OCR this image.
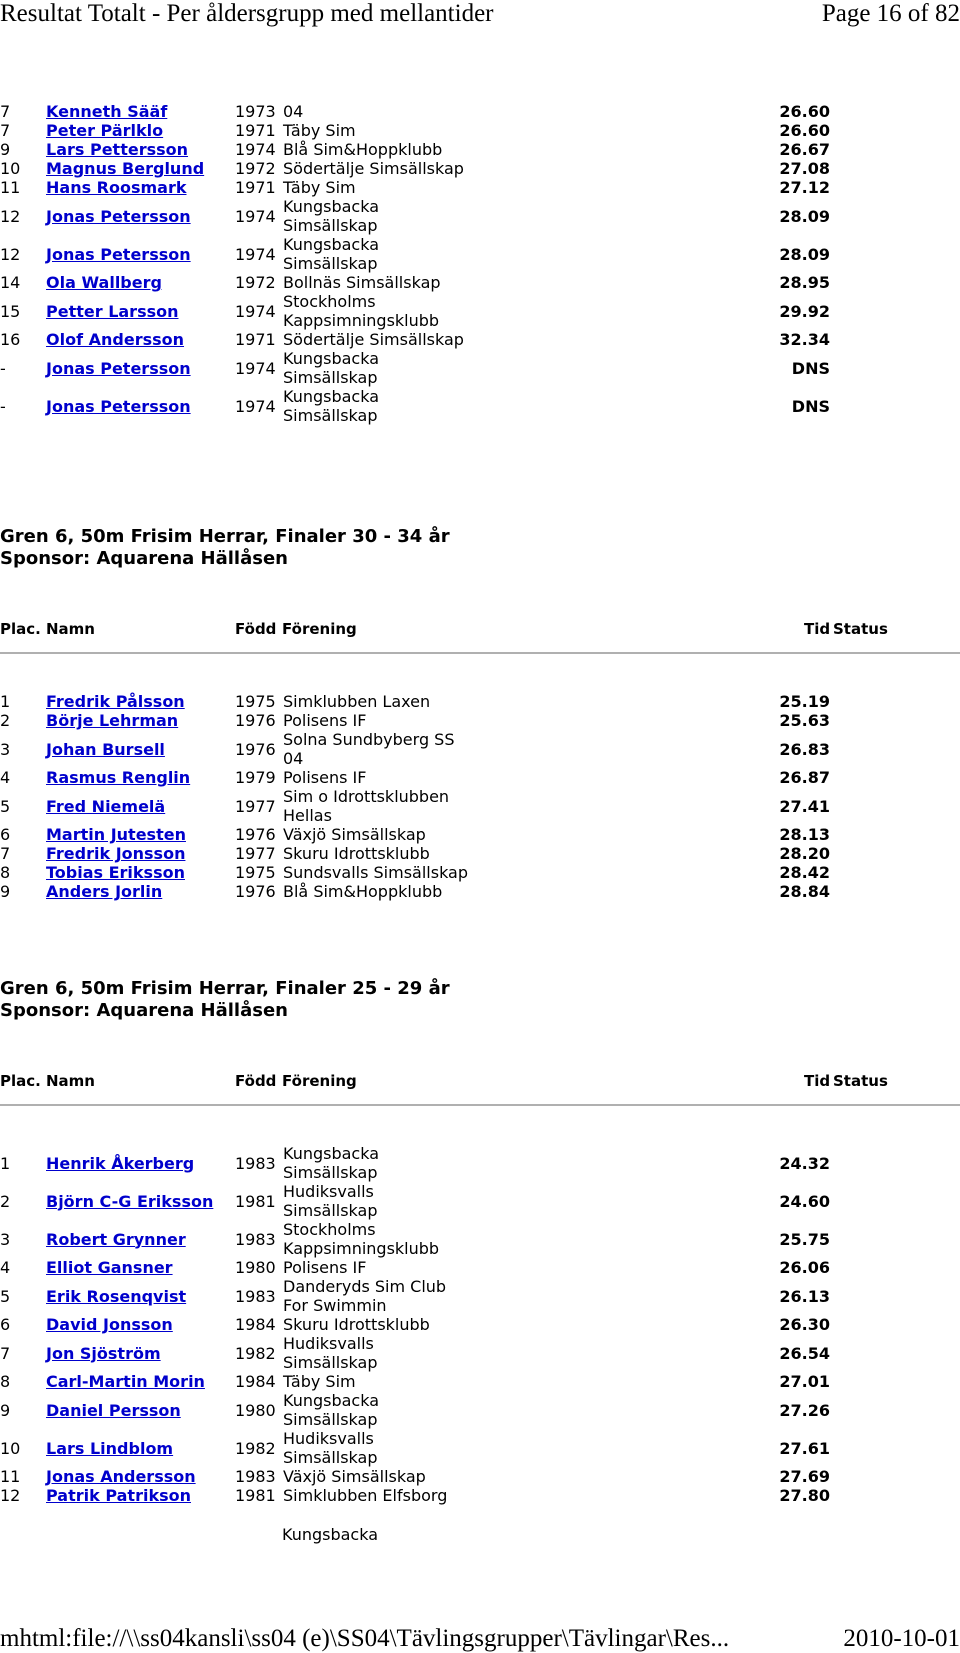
Resultat Totalt - Per åldersgrupp med mellantider	Page 16 of 82
7	Kenneth Sääf	1973	04	26.60	
7	Peter Pärlklo	1971	Täby Sim	26.60	
9	Lars Pettersson	1974	Blå Sim&Hoppklubb	26.67	
10	Magnus Berglund	1972	Södertälje Simsällskap	27.08	
11	Hans Roosmark	1971	Täby Sim	27.12	
12	Jonas Petersson	1974	Kungsbacka Simsällskap	28.09	
12	Jonas Petersson	1974	Kungsbacka Simsällskap	28.09	
14	Ola Wallberg	1972	Bollnäs Simsällskap	28.95	
15	Petter Larsson	1974	Stockholms Kappsimningsklubb	29.92	
16	Olof Andersson	1971	Södertälje Simsällskap	32.34	
-	Jonas Petersson	1974	Kungsbacka Simsällskap	DNS	
-	Jonas Petersson	1974	Kungsbacka Simsällskap	DNS	
Gren 6, 50m Frisim Herrar, Finaler 30 - 34 år
Sponsor: Aquarena Hällåsen
Plac. Namn	Född Förening	Tid Status
1	Fredrik Pålsson	1975	Simklubben Laxen	25.19	
2	Börje Lehrman	1976	Polisens IF	25.63	
3	Johan Bursell	1976	Solna Sundbyberg SS 04	26.83	
4	Rasmus Renglin	1979	Polisens IF	26.87	
5	Fred Niemelä	1977	Sim o Idrottsklubben Hellas	27.41	
6	Martin Jutesten	1976	Växjö Simsällskap	28.13	
7	Fredrik Jonsson	1977	Skuru Idrottsklubb	28.20	
8	Tobias Eriksson	1975	Sundsvalls Simsällskap	28.42	
9	Anders Jorlin	1976	Blå Sim&Hoppklubb	28.84	
Gren 6, 50m Frisim Herrar, Finaler 25 - 29 år
Sponsor: Aquarena Hällåsen
Plac. Namn	Född Förening	Tid Status
1	Henrik Åkerberg	1983	Kungsbacka Simsällskap	24.32	
2	Björn C-G Eriksson	1981	Hudiksvalls Simsällskap	24.60	
3	Robert Grynner	1983	Stockholms Kappsimningsklubb	25.75	
4	Elliot Gansner	1980	Polisens IF	26.06	
5	Erik Rosenqvist	1983	Danderyds Sim Club For Swimmin	26.13	
6	David Jonsson	1984	Skuru Idrottsklubb	26.30	
7	Jon Sjöström	1982	Hudiksvalls Simsällskap	26.54	
8	Carl-Martin Morin	1984	Täby Sim	27.01	
9	Daniel Persson	1980	Kungsbacka Simsällskap	27.26	
10	Lars Lindblom	1982	Hudiksvalls Simsällskap	27.61	
11	Jonas Andersson	1983	Växjö Simsällskap	27.69	
12	Patrik Patrikson	1981	Simklubben Elfsborg	27.80	
Kungsbacka
mhtml:file://\\ss04kansli\ss04 (e)\SS04\Tävlingsgrupper\Tävlingar\Res...	2010-10-01
